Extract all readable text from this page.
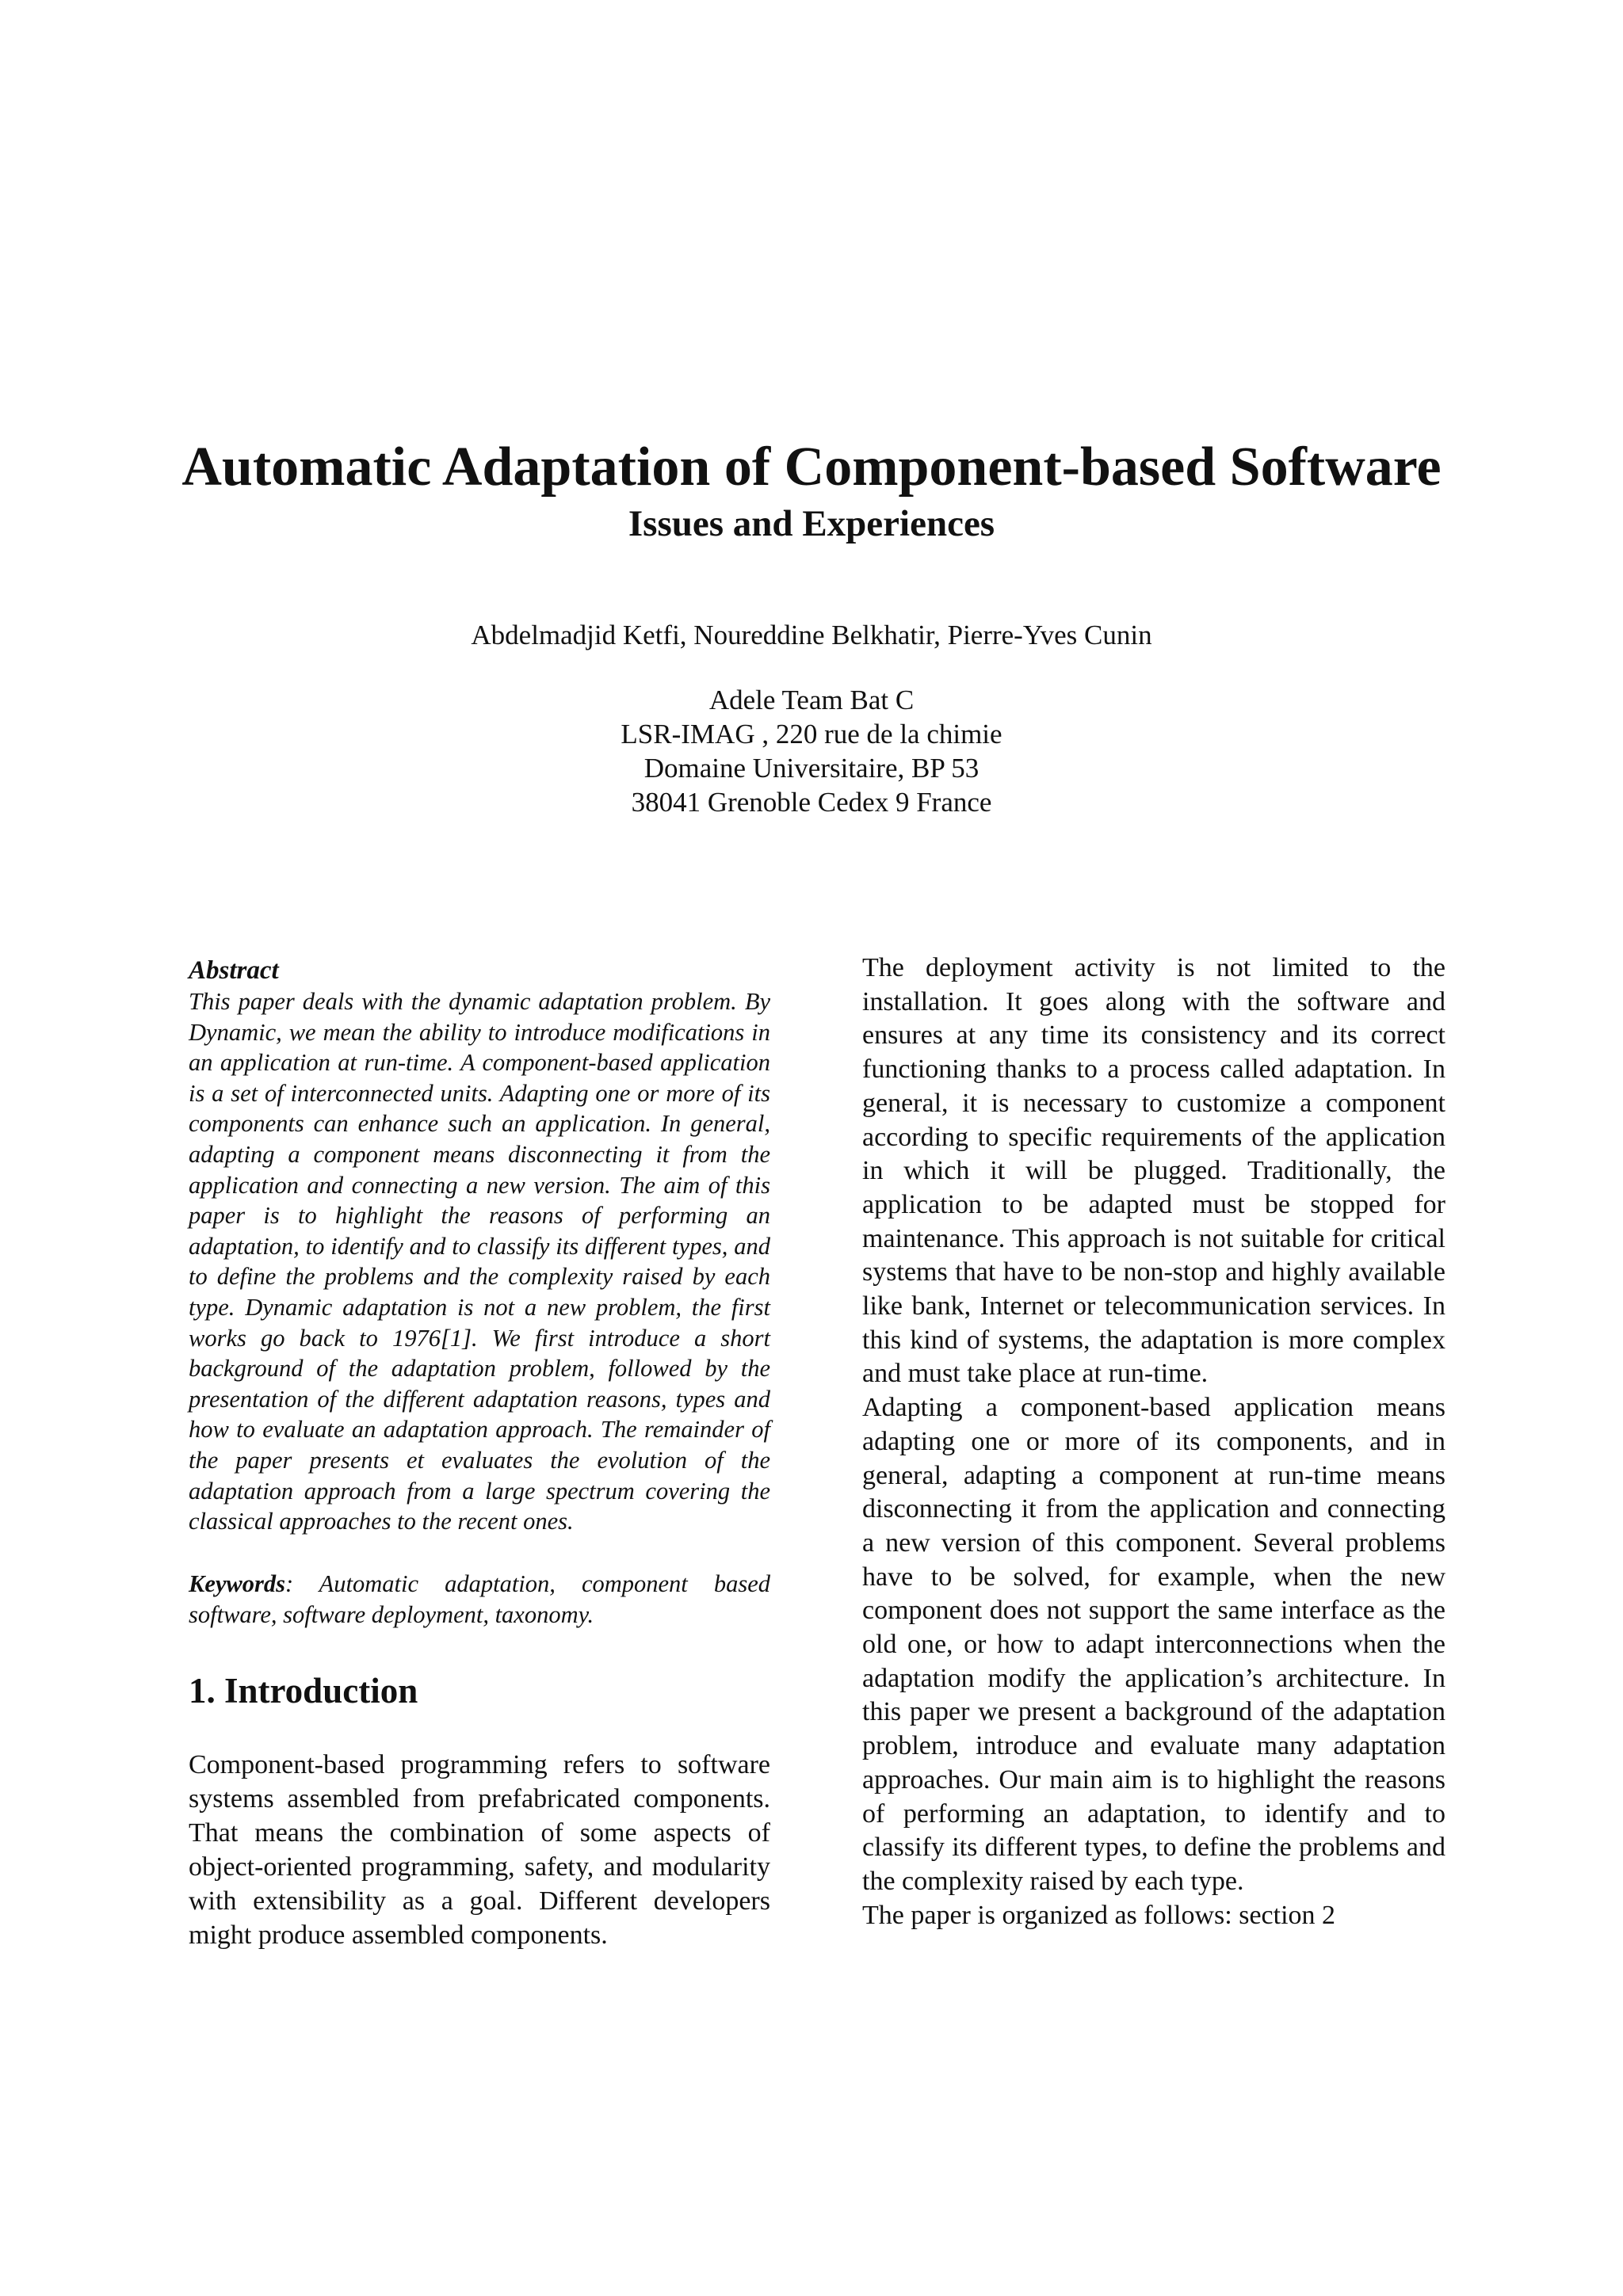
Automatic Adaptation of Component-based Software
Issues and Experiences

Abdelmadjid Ketfi, Noureddine Belkhatir, Pierre-Yves Cunin

Adele Team Bat C
LSR-IMAG , 220 rue de la chimie
Domaine Universitaire, BP 53
38041 Grenoble Cedex 9 France

Abstract

This paper deals with the dynamic adaptation problem. By Dynamic, we mean the ability to introduce modifications in an application at run-time. A component-based application is a set of interconnected units. Adapting one or more of its components can enhance such an application. In general, adapting a component means disconnecting it from the application and connecting a new version. The aim of this paper is to highlight the reasons of performing an adaptation, to identify and to classify its different types, and to define the problems and the complexity raised by each type. Dynamic adaptation is not a new problem, the first works go back to 1976[1]. We first introduce a short background of the adaptation problem, followed by the presentation of the different adaptation reasons, types and how to evaluate an adaptation approach. The remainder of the paper presents et evaluates the evolution of the adaptation approach from a large spectrum covering the classical approaches to the recent ones.

Keywords: Automatic adaptation, component based software, software deployment, taxonomy.

1. Introduction

Component-based programming refers to software systems assembled from prefabricated components. That means the combination of some aspects of object-oriented programming, safety, and modularity with extensibility as a goal. Different developers might produce assembled components.

The deployment activity is not limited to the installation. It goes along with the software and ensures at any time its consistency and its correct functioning thanks to a process called adaptation. In general, it is necessary to customize a component according to specific requirements of the application in which it will be plugged. Traditionally, the application to be adapted must be stopped for maintenance. This approach is not suitable for critical systems that have to be non-stop and highly available like bank, Internet or telecommunication services. In this kind of systems, the adaptation is more complex and must take place at run-time.

Adapting a component-based application means adapting one or more of its components, and in general, adapting a component at run-time means disconnecting it from the application and connecting a new version of this component. Several problems have to be solved, for example, when the new component does not support the same interface as the old one, or how to adapt interconnections when the adaptation modify the application’s architecture. In this paper we present a background of the adaptation problem, introduce and evaluate many adaptation approaches. Our main aim is to highlight the reasons of performing an adaptation, to identify and to classify its different types, to define the problems and the complexity raised by each type.

The paper is organized as follows: section 2
